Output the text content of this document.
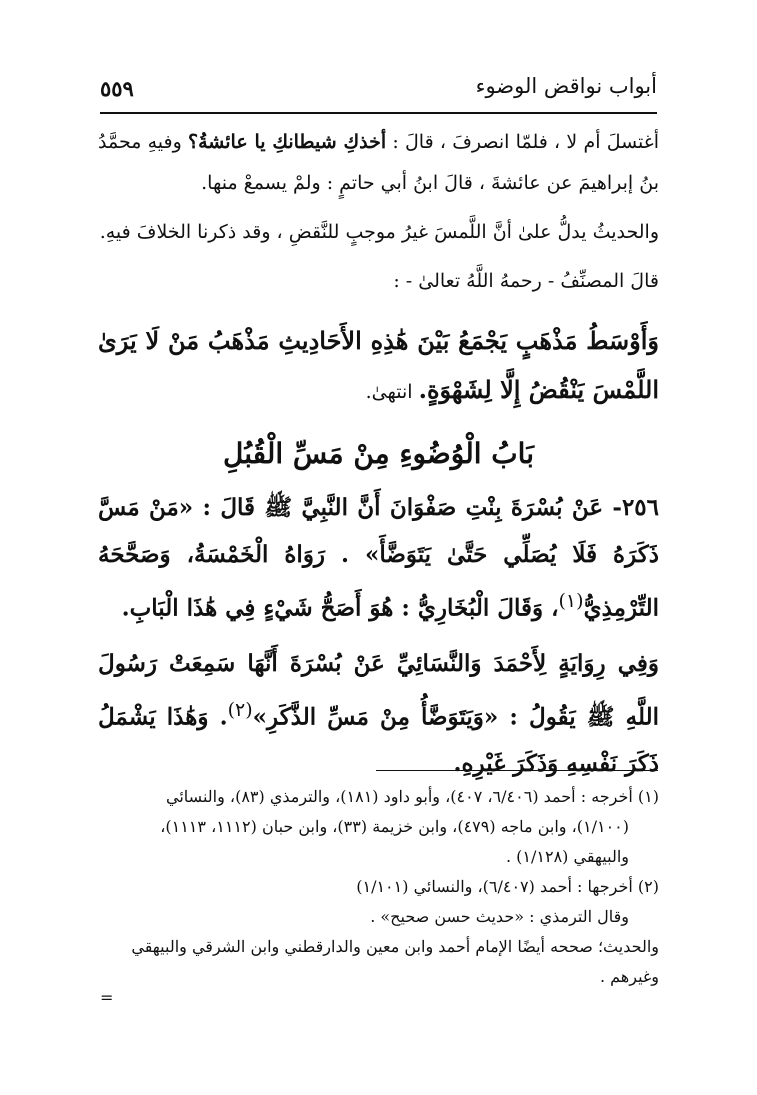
أبواب نواقض الوضوء
٥٥٩

أغتسلَ أم لا ، فلمّا انصرفَ ، قالَ : أخذكِ شيطانكِ يا عائشةُ؟ وفيهِ محمَّدُ بنُ إبراهيمَ عن عائشةَ ، قالَ ابنُ أبي حاتمٍ : ولمْ يسمعْ منها.

والحديثُ يدلُّ علىٰ أنَّ اللَّمسَ غيرُ موجبٍ للنَّقضِ ، وقد ذكرنا الخلافَ فيهِ.

قالَ المصنِّفُ - رحمهُ اللَّهُ تعالىٰ - :

وَأَوْسَطُ مَذْهَبٍ يَجْمَعُ بَيْنَ هَٰذِهِ الأَحَادِيثِ مَذْهَبُ مَنْ لَا يَرَىٰ اللَّمْسَ يَنْقُضُ إِلَّا لِشَهْوَةٍ. انتهىٰ.

بَابُ الْوُضُوءِ مِنْ مَسِّ الْقُبُلِ

٢٥٦- عَنْ بُسْرَةَ بِنْتِ صَفْوَانَ أَنَّ النَّبِيَّ ﷺ قَالَ : «مَنْ مَسَّ ذَكَرَهُ فَلَا يُصَلِّي حَتَّىٰ يَتَوَضَّأَ» . رَوَاهُ الْخَمْسَةُ، وَصَحَّحَهُ التِّرْمِذِيُّ$^{(١)}$، وَقَالَ الْبُخَارِيُّ : هُوَ أَصَحُّ شَيْءٍ فِي هَٰذَا الْبَابِ.

وَفِي رِوَايَةٍ لِأَحْمَدَ وَالنَّسَائِيِّ عَنْ بُسْرَةَ أَنَّهَا سَمِعَتْ رَسُولَ اللَّهِ ﷺ يَقُولُ : «وَيَتَوَضَّأُ مِنْ مَسِّ الذَّكَرِ»$^{(٢)}$. وَهَٰذَا يَشْمَلُ ذَكَرَ نَفْسِهِ وَذَكَرَ غَيْرِهِ.

(١) أخرجه : أحمد (٦/٤٠٦، ٤٠٧)، وأبو داود (١٨١)، والترمذي (٨٣)، والنسائي
(١/١٠٠)، وابن ماجه (٤٧٩)، وابن خزيمة (٣٣)، وابن حبان (١١١٢، ١١١٣)،
والبيهقي (١/١٢٨) .

(٢) أخرجها : أحمد (٦/٤٠٧)، والنسائي (١/١٠١)

وقال الترمذي : «حديث حسن صحيح» .

والحديث؛ صححه أيضًا الإمام أحمد وابن معين والدارقطني وابن الشرقي والبيهقي

وغيرهم .

=
